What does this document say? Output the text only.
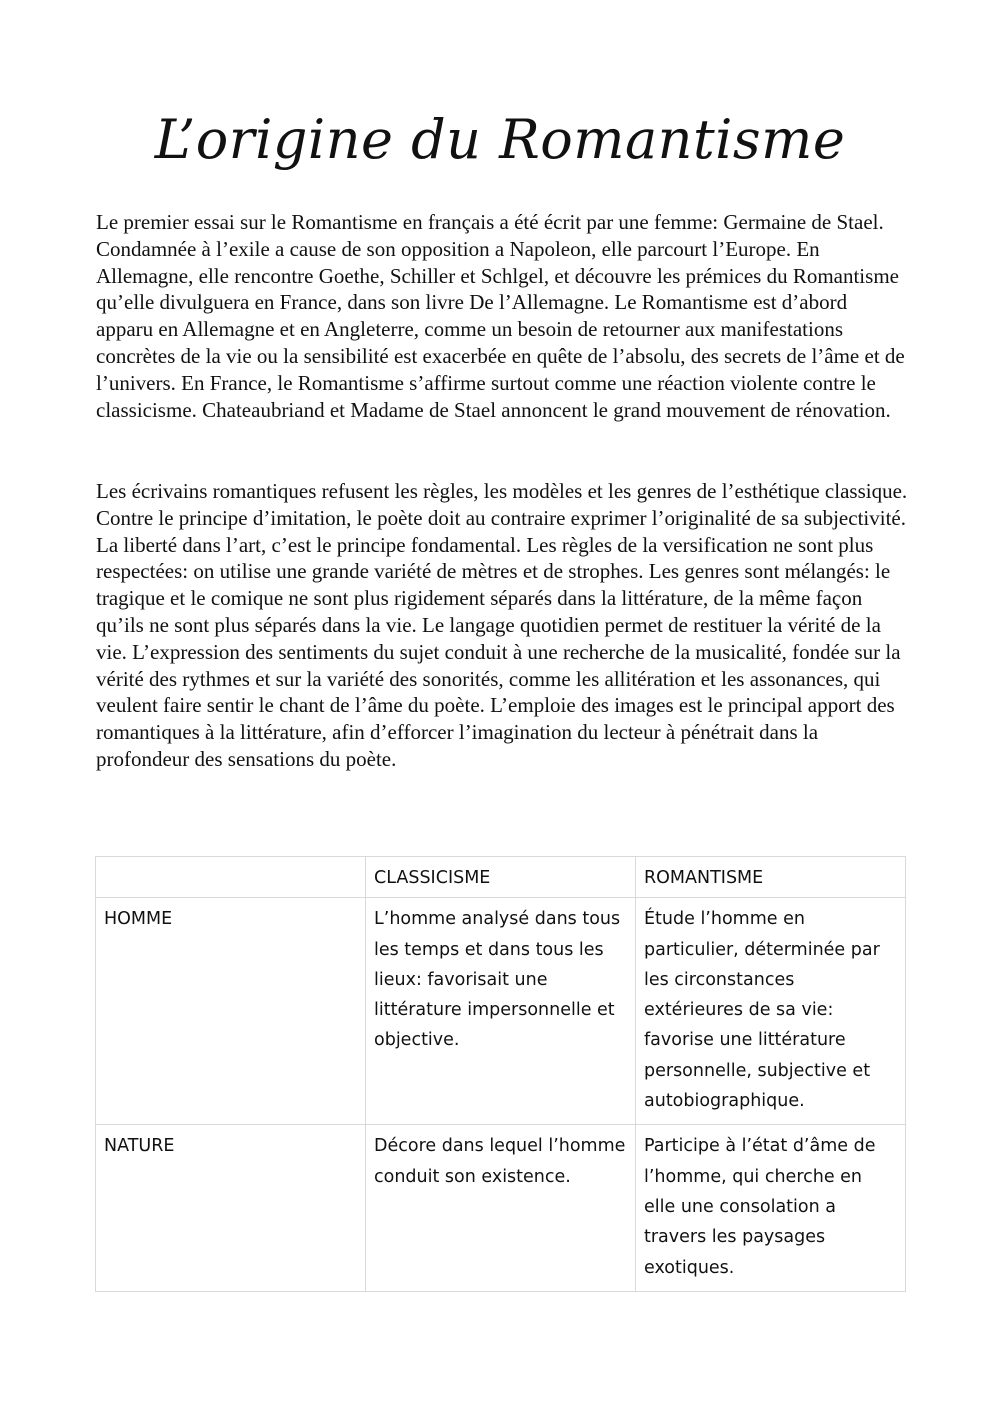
L’origine du Romantisme

Le premier essai sur le Romantisme en français a été écrit par une femme: Germaine de Stael. Condamnée à l’exile a cause de son opposition a Napoleon, elle parcourt l’Europe. En Allemagne, elle rencontre Goethe, Schiller et Schlgel, et découvre les prémices du Romantisme qu’elle divulguera en France, dans son livre De l’Allemagne. Le Romantisme est d’abord apparu en Allemagne et en Angleterre, comme un besoin de retourner aux manifestations concrètes de la vie ou la sensibilité est exacerbée en quête de l’absolu, des secrets de l’âme et de l’univers. En France, le Romantisme s’affirme surtout comme une réaction violente contre le classicisme. Chateaubriand et Madame de Stael annoncent le grand mouvement de rénovation.

Les écrivains romantiques refusent les règles, les modèles et les genres de l’esthétique classique. Contre le principe d’imitation, le poète doit au contraire exprimer l’originalité de sa subjectivité. La liberté dans l’art, c’est le principe fondamental. Les règles de la versification ne sont plus respectées: on utilise une grande variété de mètres et de strophes. Les genres sont mélangés: le tragique et le comique ne sont plus rigidement séparés dans la littérature, de la même façon qu’ils ne sont plus séparés dans la vie. Le langage quotidien permet de restituer la vérité de la vie. L’expression des sentiments du sujet conduit à une recherche de la musicalité, fondée sur la vérité des rythmes et sur la variété des sonorités, comme les allitération et les assonances, qui veulent faire sentir le chant de l’âme du poète. L’emploie des images est le principal apport des romantiques à la littérature, afin d’efforcer l’imagination du lecteur à pénétrait dans la profondeur des sensations du poète.

	CLASSICISME	ROMANTISME
HOMME	L’homme analysé dans tous les temps et dans tous les lieux: favorisait une littérature impersonnelle et objective.	Étude l’homme en particulier, déterminée par les circonstances extérieures de sa vie: favorise une littérature personnelle, subjective et autobiographique.
NATURE	Décore dans lequel l’homme conduit son existence.	Participe à l’état d’âme de l’homme, qui cherche en elle une consolation a travers les paysages exotiques.
